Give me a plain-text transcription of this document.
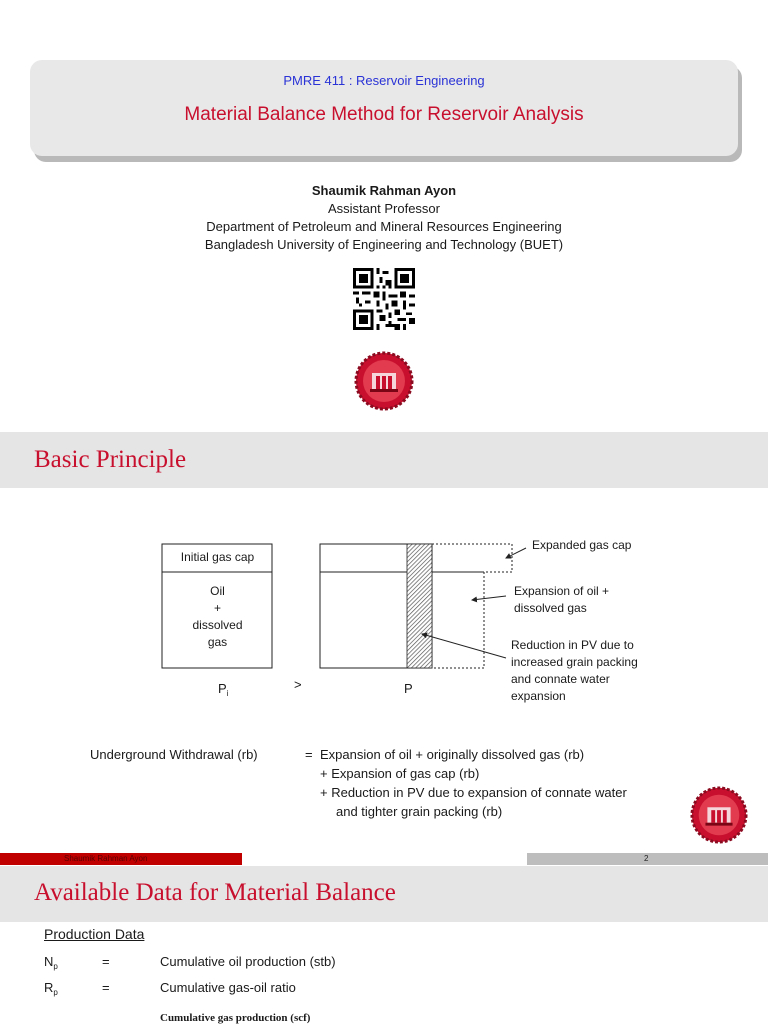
PMRE 411 : Reservoir Engineering
Material Balance Method for Reservoir Analysis
Shaumik Rahman Ayon
Assistant Professor
Department of Petroleum and Mineral Resources Engineering
Bangladesh University of Engineering and Technology (BUET)
Basic Principle
Initial gas cap
Oil
+
dissolved
gas
$P_i$
>	P
Expanded gas cap
Expansion of oil +
dissolved gas
Reduction in PV due to
increased grain packing
and connate water
expansion
Underground Withdrawal (rb)	= Expansion of oil + originally dissolved gas (rb)
+ Expansion of gas cap (rb)
+ Reduction in PV due to expansion of connate water
and tighter grain packing (rb)
Shaumik Rahman Ayon	2
Available Data for Material Balance
Production Data
$N_p$	=	Cumulative oil production (stb)
$R_p$	=	Cumulative gas-oil ratio
Cumulative gas production (scf)
